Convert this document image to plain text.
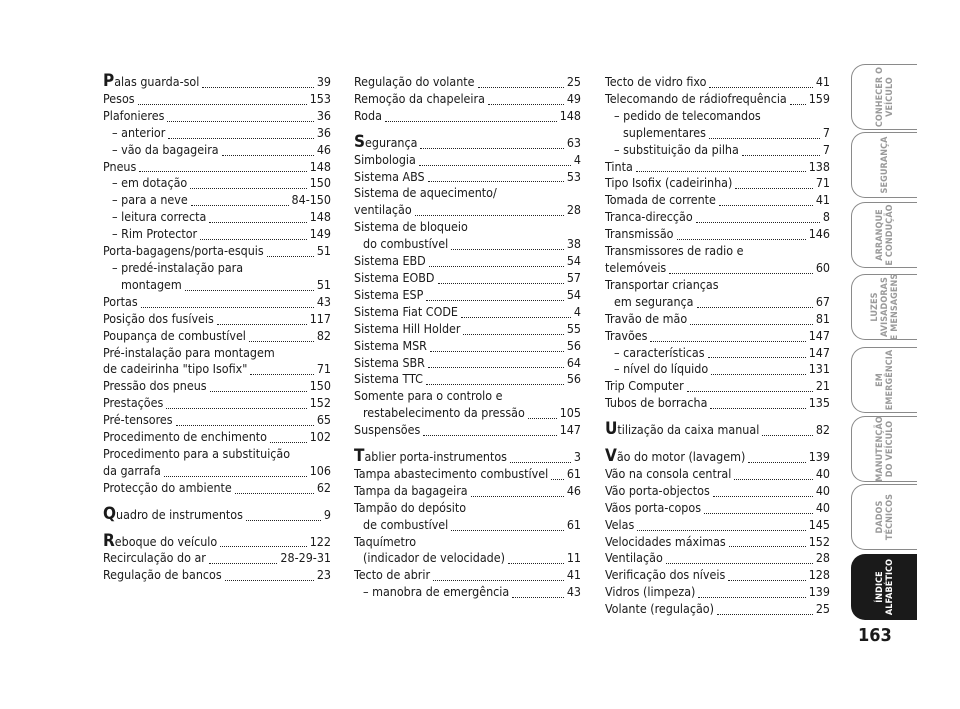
Palas guarda-sol	39
Pesos	153
Plafonieres	36
– anterior	36
– vão da bagageira	46
Pneus	148
– em dotação	150
– para a neve	84-150
– leitura correcta	148
– Rim Protector	149
Porta-bagagens/porta-esquis	51
– predé-instalação para
montagem	51
Portas	43
Posição dos fusíveis	117
Poupança de combustível	82
Pré-instalação para montagem
de cadeirinha "tipo Isofix"	71
Pressão dos pneus	150
Prestações	152
Pré-tensores	65
Procedimento de enchimento	102
Procedimento para a substituição
da garrafa	106
Protecção do ambiente	62
Quadro de instrumentos	9
Reboque do veículo	122
Recirculação do ar	28-29-31
Regulação de bancos	23
Regulação do volante	25
Remoção da chapeleira	49
Roda	148
Segurança	63
Simbologia	4
Sistema ABS	53
Sistema de aquecimento/
ventilação	28
Sistema de bloqueio
do combustível	38
Sistema EBD	54
Sistema EOBD	57
Sistema ESP	54
Sistema Fiat CODE	4
Sistema Hill Holder	55
Sistema MSR	56
Sistema SBR	64
Sistema TTC	56
Somente para o controlo e
restabelecimento da pressão	105
Suspensões	147
Tablier porta-instrumentos	3
Tampa abastecimento combustível 61
Tampa da bagageira	46
Tampão do depósito
de combustível	61
Taquímetro
(indicador de velocidade)	11
Tecto de abrir	41
– manobra de emergência	43
Tecto de vidro fixo	41
Telecomando de rádiofrequência 159
– pedido de telecomandos
suplementares	7
– substituição da pilha	7
Tinta	138
Tipo Isofix (cadeirinha)	71
Tomada de corrente	41
Tranca-direcção	8
Transmissão	146
Transmissores de radio e
telemóveis	60
Transportar crianças
em segurança	67
Travão de mão	81
Travões	147
– características	147
– nível do líquido	131
Trip Computer	21
Tubos de borracha	135
Utilização da caixa manual	82
Vão do motor (lavagem)	139
Vão na consola central	40
Vão porta-objectos	40
Vãos porta-copos	40
Velas	145
Velocidades máximas	152
Ventilação	28
Verificação dos níveis	128
Vidros (limpeza)	139
Volante (regulação)	25
CONHECER O
VEÍCULO
SEGURANÇA
ARRANQUE
E CONDUÇÃO
LUZES
AVISADORAS
E MENSAGENS
EM
EMERGÊNCIA
MANUTENÇÃO
DO VEÍCULO
DADOS
TÉCNICOS
ÍNDICE
ALFABÉTICO
163
